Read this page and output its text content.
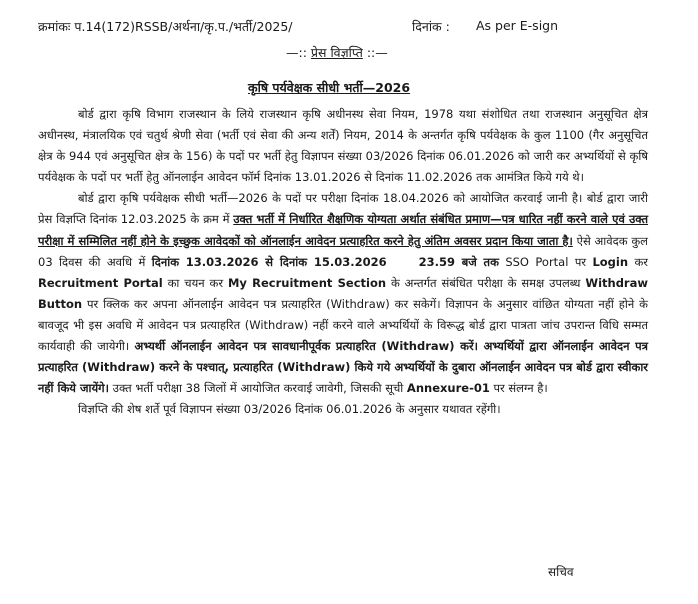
क्रमांकः प.14(172)RSSB/अर्थना/कृ.प./भर्ती/2025/	दिनांक : As per E-sign
—:: प्रेस विज्ञप्ति ::—
कृषि पर्यवेक्षक सीधी भर्ती—2026

बोर्ड द्वारा कृषि विभाग राजस्थान के लिये राजस्थान कृषि अधीनस्थ सेवा नियम, 1978 यथा संशोधित तथा राजस्थान अनुसूचित क्षेत्र अधीनस्थ, मंत्रालयिक एवं चतुर्थ श्रेणी सेवा (भर्ती एवं सेवा की अन्य शर्तें) नियम, 2014 के अन्तर्गत कृषि पर्यवेक्षक के कुल 1100 (गैर अनुसूचित क्षेत्र के 944 एवं अनुसूचित क्षेत्र के 156) के पदों पर भर्ती हेतु विज्ञापन संख्या 03/2026 दिनांक 06.01.2026 को जारी कर अभ्यर्थियों से कृषि पर्यवेक्षक के पदों पर भर्ती हेतु ऑनलाईन आवेदन फॉर्म दिनांक 13.01.2026 से दिनांक 11.02.2026 तक आमंत्रित किये गये थे।

बोर्ड द्वारा कृषि पर्यवेक्षक सीधी भर्ती—2026 के पदों पर परीक्षा दिनांक 18.04.2026 को आयोजित करवाई जानी है। बोर्ड द्वारा जारी प्रेस विज्ञप्ति दिनांक 12.03.2025 के क्रम में उक्त भर्ती में निर्धारित शैक्षणिक योग्यता अर्थात संबंधित प्रमाण—पत्र धारित नहीं करने वाले एवं उक्त परीक्षा में सम्मिलित नहीं होने के इच्छुक आवेदकों को ऑनलाईन आवेदन प्रत्याहरित करने हेतु अंतिम अवसर प्रदान किया जाता है। ऐसे आवेदक कुल 03 दिवस की अवधि में दिनांक 13.03.2026 से दिनांक 15.03.2026	23.59 बजे तक SSO Portal पर Login कर Recruitment Portal का चयन कर My Recruitment Section के अन्तर्गत संबंधित परीक्षा के समक्ष उपलब्ध Withdraw Button पर क्लिक कर अपना ऑनलाईन आवेदन पत्र प्रत्याहरित (Withdraw) कर सकेगें। विज्ञापन के अनुसार वांछित योग्यता नहीं होने के बावजूद भी इस अवधि में आवेदन पत्र प्रत्याहरित (Withdraw) नहीं करने वाले अभ्यर्थियों के विरूद्ध बोर्ड द्वारा पात्रता जांच उपरान्त विधि सम्मत कार्यवाही की जायेगी। अभ्यर्थी ऑनलाईन आवेदन पत्र सावधानीपूर्वक प्रत्याहरित (Withdraw) करें। अभ्यर्थियों द्वारा ऑनलाईन आवेदन पत्र प्रत्याहरित (Withdraw) करने के पश्चात्, प्रत्याहरित (Withdraw) किये गये अभ्यर्थियों के दुबारा ऑनलाईन आवेदन पत्र बोर्ड द्वारा स्वीकार नहीं किये जायेंगे। उक्त भर्ती परीक्षा 38 जिलों में आयोजित करवाई जावेगी, जिसकी सूची Annexure-01 पर संलग्न है।

विज्ञप्ति की शेष शर्ते पूर्व विज्ञापन संख्या 03/2026 दिनांक 06.01.2026 के अनुसार यथावत रहेंगी।

सचिव
